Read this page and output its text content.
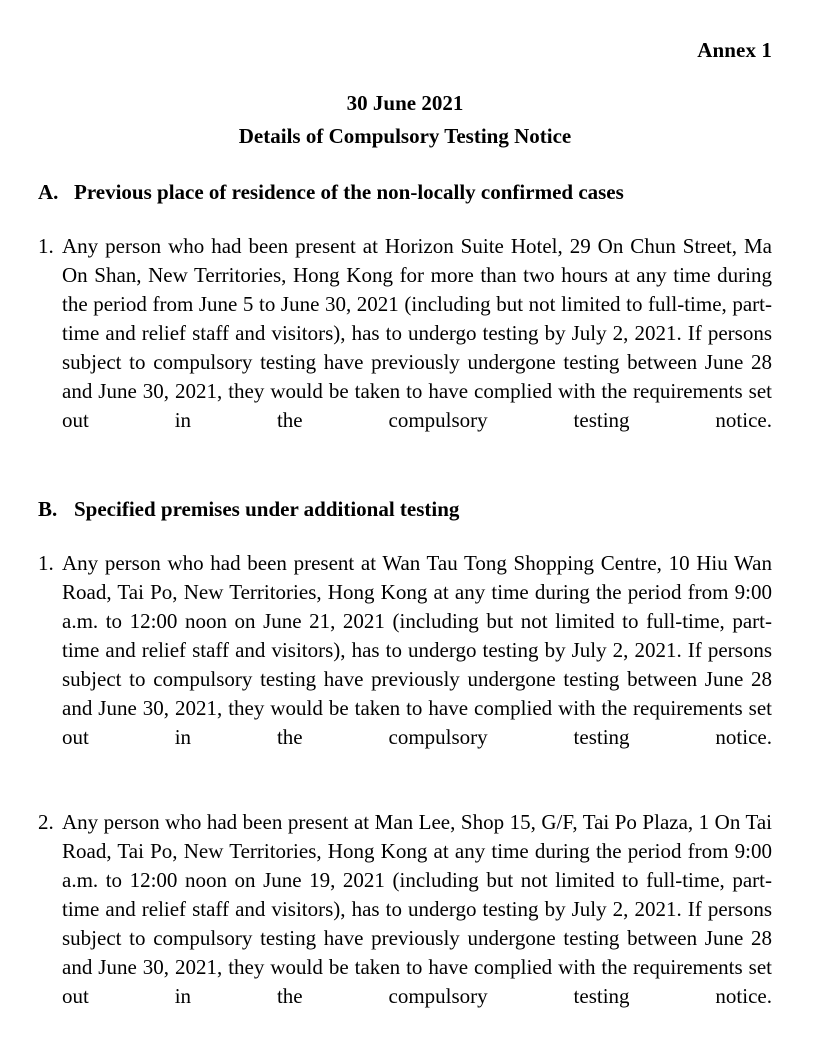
Annex 1
30 June 2021
Details of Compulsory Testing Notice
A. Previous place of residence of the non-locally confirmed cases
1. Any person who had been present at Horizon Suite Hotel, 29 On Chun Street, Ma On Shan, New Territories, Hong Kong for more than two hours at any time during the period from June 5 to June 30, 2021 (including but not limited to full-time, part-time and relief staff and visitors), has to undergo testing by July 2, 2021. If persons subject to compulsory testing have previously undergone testing between June 28 and June 30, 2021, they would be taken to have complied with the requirements set out in the compulsory testing notice.
B. Specified premises under additional testing
1. Any person who had been present at Wan Tau Tong Shopping Centre, 10 Hiu Wan Road, Tai Po, New Territories, Hong Kong at any time during the period from 9:00 a.m. to 12:00 noon on June 21, 2021 (including but not limited to full-time, part-time and relief staff and visitors), has to undergo testing by July 2, 2021. If persons subject to compulsory testing have previously undergone testing between June 28 and June 30, 2021, they would be taken to have complied with the requirements set out in the compulsory testing notice.
2. Any person who had been present at Man Lee, Shop 15, G/F, Tai Po Plaza, 1 On Tai Road, Tai Po, New Territories, Hong Kong at any time during the period from 9:00 a.m. to 12:00 noon on June 19, 2021 (including but not limited to full-time, part-time and relief staff and visitors), has to undergo testing by July 2, 2021. If persons subject to compulsory testing have previously undergone testing between June 28 and June 30, 2021, they would be taken to have complied with the requirements set out in the compulsory testing notice.
